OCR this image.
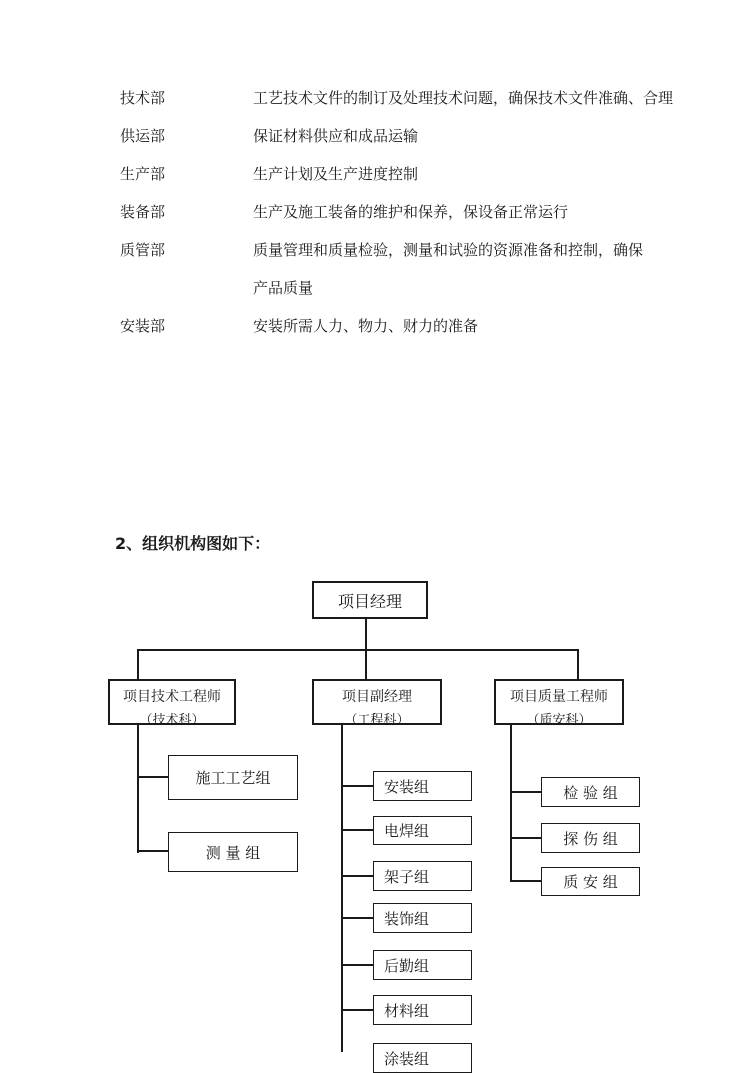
技术部	工艺技术文件的制订及处理技术问题，确保技术文件准确、合理
供运部	保证材料供应和成品运输
生产部	生产计划及生产进度控制
装备部	生产及施工装备的维护和保养，保设备正常运行
质管部	质量管理和质量检验，测量和试验的资源准备和控制，确保
产品质量
安装部	安装所需人力、物力、财力的准备
2、组织机构图如下：
项目经理
项目技术工程师
（技术科）
项目副经理
（工程科）
项目质量工程师
（质安科）
施工工艺组
测 量 组
安装组
电焊组
架子组
装饰组
后勤组
材料组
涂装组
检 验 组
探 伤 组
质 安 组
